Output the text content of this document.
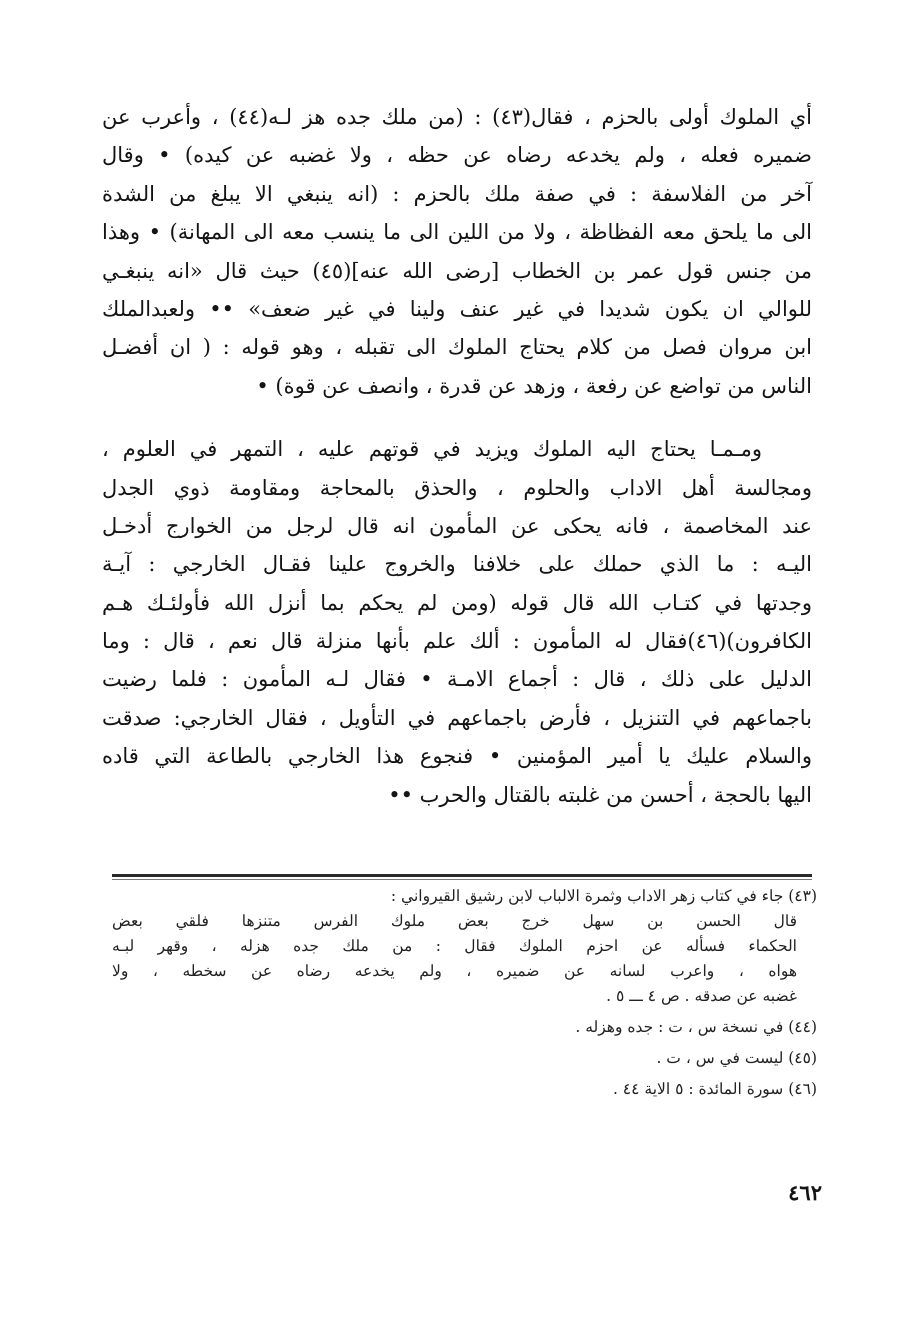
أي الملوك أولى بالحزم ، فقال(٤٣) : (من ملك جده هز لـه(٤٤) ، وأعرب عن
ضميره فعله ، ولم يخدعه رضاه عن حظه ، ولا غضبه عن كيده) • وقال
آخر من الفلاسفة : في صفة ملك بالحزم : (انه ينبغي الا يبلغ من الشدة
الى ما يلحق معه الفظاظة ، ولا من اللين الى ما ينسب معه الى المهانة) • وهذا
من جنس قول عمر بن الخطاب [رضى الله عنه](٤٥) حيث قال «انه ينبغـي
للوالي ان يكون شديدا في غير عنف ولينا في غير ضعف» •• ولعبدالملك
ابن مروان فصل من كلام يحتاج الملوك الى تقبله ، وهو قوله : ( ان أفضـل
الناس من تواضع عن رفعة ، وزهد عن قدرة ، وانصف عن قوة) •
ومـمـا يحتاج اليه الملوك ويزيد في قوتهم عليه ، التمهر في العلوم ،
ومجالسة أهل الاداب والحلوم ، والحذق بالمحاجة ومقاومة ذوي الجدل
عند المخاصمة ، فانه يحكى عن المأمون انه قال لرجل من الخوارج أدخـل
اليـه : ما الذي حملك على خلافنا والخروج علينا فقـال الخارجي : آيـة
وجدتها في كتـاب الله قال قوله (ومن لم يحكم بما أنزل الله فأولئـك هـم
الكافرون)(٤٦)فقال له المأمون : ألك علم بأنها منزلة قال نعم ، قال : وما
الدليل على ذلك ، قال : أجماع الامـة • فقال لـه المأمون : فلما رضيت
باجماعهم في التنزيل ، فأرض باجماعهم في التأويل ، فقال الخارجي: صدقت
والسلام عليك يا أمير المؤمنين • فنجوع هذا الخارجي بالطاعة التي قاده
اليها بالحجة ، أحسن من غلبته بالقتال والحرب ••
(٤٣) جاء في كتاب زهر الاداب وثمرة الالباب لابن رشيق القيرواني :
قال الحسن بن سهل خرج بعض ملوك الفرس متنزها فلقي بعض
الحكماء فسأله عن احزم الملوك فقال : من ملك جده هزله ، وقهر لبـه
هواه ، واعرب لسانه عن ضميره ، ولم يخدعه رضاه عن سخطه ، ولا
غضبه عن صدقه . ص ٤ ـــ ٥ .
(٤٤) في نسخة س ، ت : جده وهزله .
(٤٥) ليست في س ، ت .
(٤٦) سورة المائدة : ٥ الاية ٤٤ .
٤٦٢
